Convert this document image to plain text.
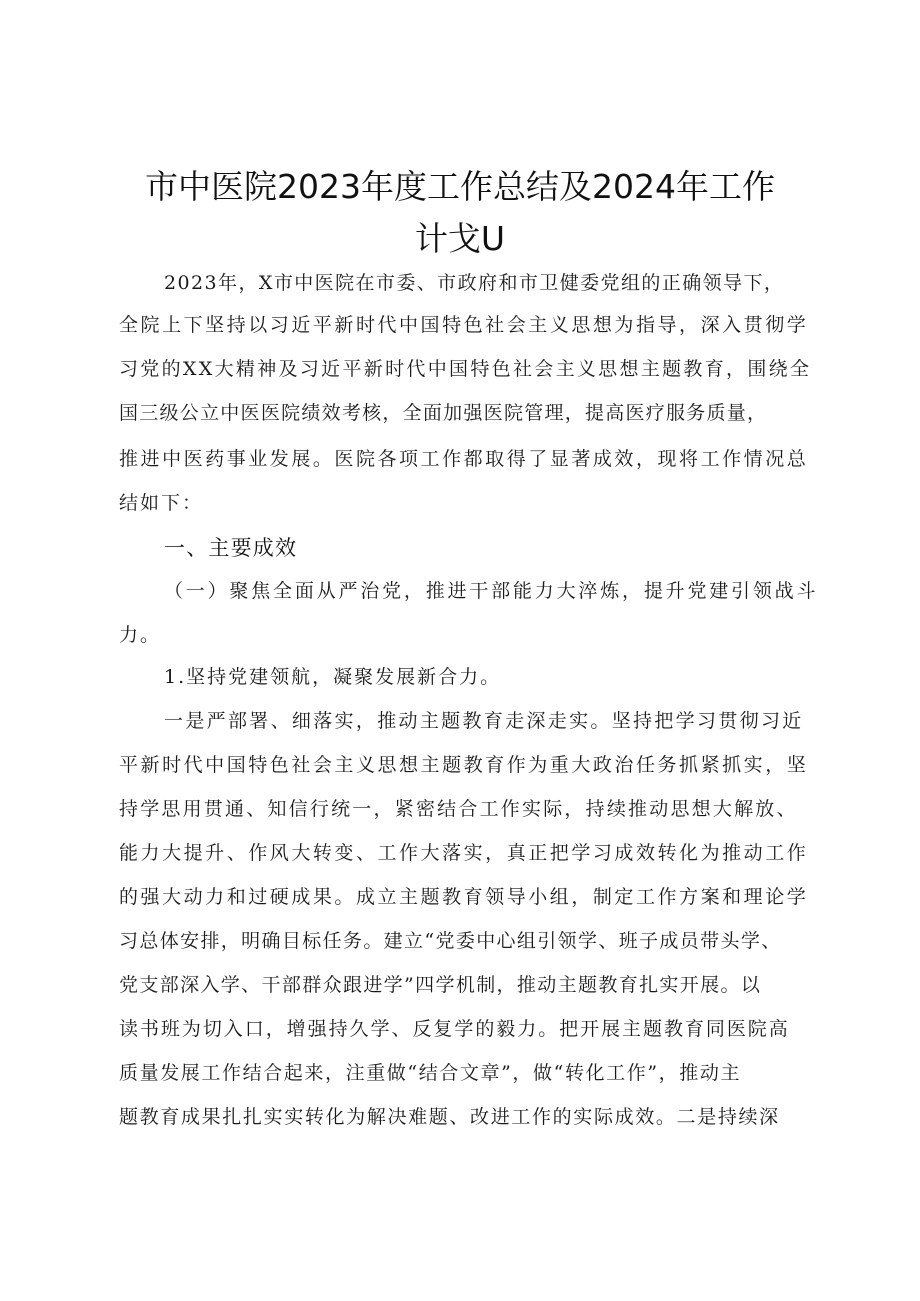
市中医院2023年度工作总结及2024年工作
计戈U
2023年，X市中医院在市委、市政府和市卫健委党组的正确领导下，
全院上下坚持以习近平新时代中国特色社会主义思想为指导，深入贯彻学
习党的XX大精神及习近平新时代中国特色社会主义思想主题教育，围绕全
国三级公立中医医院绩效考核，全面加强医院管理，提高医疗服务质量，
推进中医药事业发展。医院各项工作都取得了显著成效，现将工作情况总
结如下：
一、主要成效
（一）聚焦全面从严治党，推进干部能力大淬炼，提升党建引领战斗
力。
1.坚持党建领航，凝聚发展新合力。
一是严部署、细落实，推动主题教育走深走实。坚持把学习贯彻习近
平新时代中国特色社会主义思想主题教育作为重大政治任务抓紧抓实，坚
持学思用贯通、知信行统一，紧密结合工作实际，持续推动思想大解放、
能力大提升、作风大转变、工作大落实，真正把学习成效转化为推动工作
的强大动力和过硬成果。成立主题教育领导小组，制定工作方案和理论学
习总体安排，明确目标任务。建立“党委中心组引领学、班子成员带头学、
党支部深入学、干部群众跟进学”四学机制，推动主题教育扎实开展。以
读书班为切入口，增强持久学、反复学的毅力。把开展主题教育同医院高
质量发展工作结合起来，注重做“结合文章”，做“转化工作”，推动主
题教育成果扎扎实实转化为解决难题、改进工作的实际成效。二是持续深
